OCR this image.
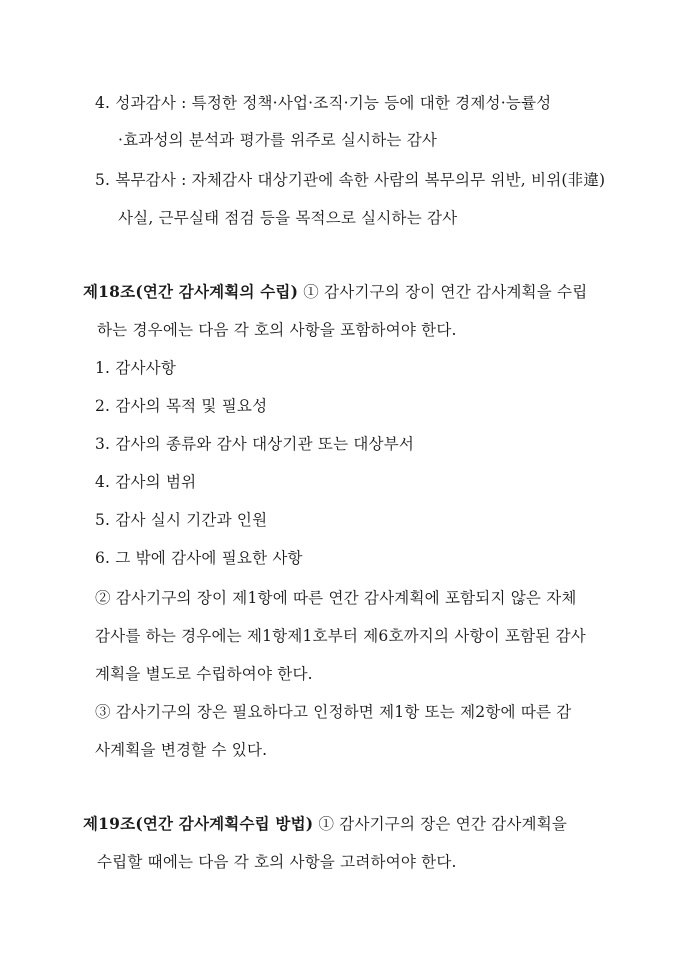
4. 성과감사 : 특정한 정책·사업·조직·기능 등에 대한 경제성·능률성
·효과성의 분석과 평가를 위주로 실시하는 감사
5. 복무감사 : 자체감사 대상기관에 속한 사람의 복무의무 위반, 비위(非違)
사실, 근무실태 점검 등을 목적으로 실시하는 감사
제18조(연간 감사계획의 수립) ① 감사기구의 장이 연간 감사계획을 수립
하는 경우에는 다음 각 호의 사항을 포함하여야 한다.
1. 감사사항
2. 감사의 목적 및 필요성
3. 감사의 종류와 감사 대상기관 또는 대상부서
4. 감사의 범위
5. 감사 실시 기간과 인원
6. 그 밖에 감사에 필요한 사항
② 감사기구의 장이 제1항에 따른 연간 감사계획에 포함되지 않은 자체
감사를 하는 경우에는 제1항제1호부터 제6호까지의 사항이 포함된 감사
계획을 별도로 수립하여야 한다.
③ 감사기구의 장은 필요하다고 인정하면 제1항 또는 제2항에 따른 감
사계획을 변경할 수 있다.
제19조(연간 감사계획수립 방법) ① 감사기구의 장은 연간 감사계획을
수립할 때에는 다음 각 호의 사항을 고려하여야 한다.
